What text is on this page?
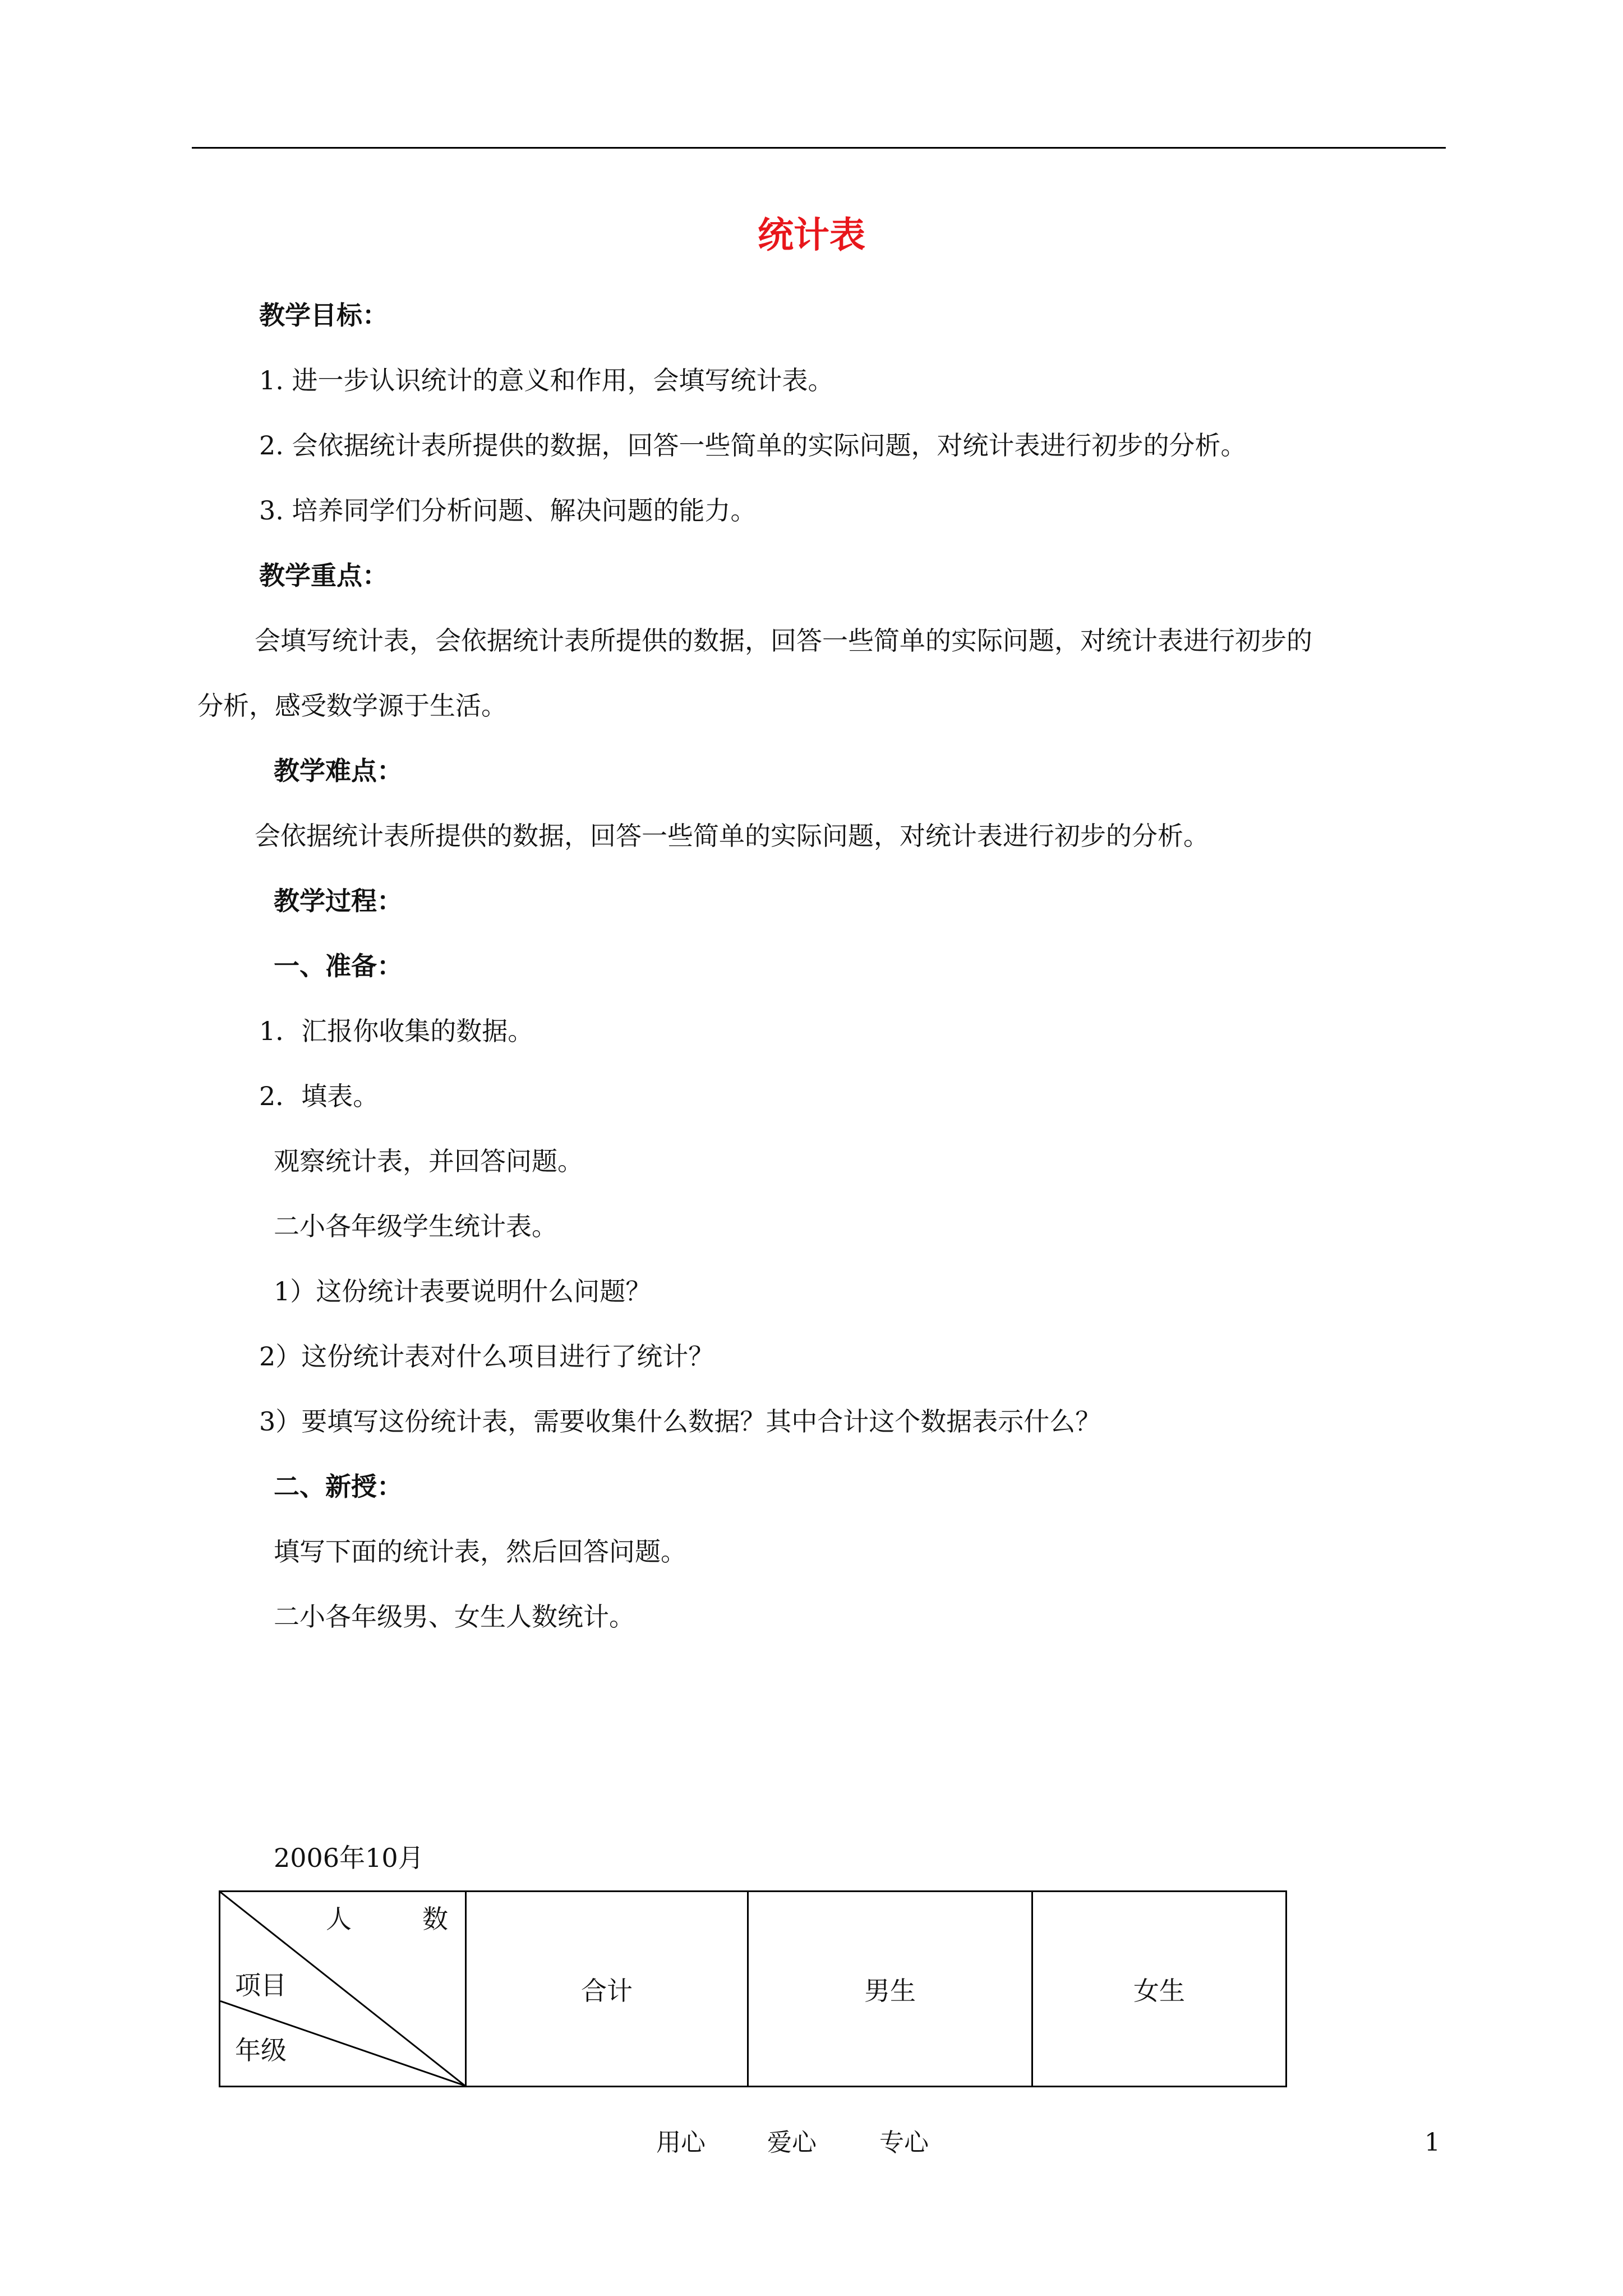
统计表
教学目标：
1. 进一步认识统计的意义和作用，会填写统计表。
2. 会依据统计表所提供的数据，回答一些简单的实际问题，对统计表进行初步的分析。
3. 培养同学们分析问题、解决问题的能力。
教学重点：
会填写统计表，会依据统计表所提供的数据，回答一些简单的实际问题，对统计表进行初步的
分析，感受数学源于生活。
教学难点：
会依据统计表所提供的数据，回答一些简单的实际问题，对统计表进行初步的分析。
教学过程：
一、准备：
1．汇报你收集的数据。
2．填表。
观察统计表，并回答问题。
二小各年级学生统计表。
1）这份统计表要说明什么问题？
2）这份统计表对什么项目进行了统计？
3）要填写这份统计表，需要收集什么数据？其中合计这个数据表示什么？
二、新授：
填写下面的统计表，然后回答问题。
二小各年级男、女生人数统计。
2006年10月
人	数
项目
年级
	合计	男生	女生
用心	爱心	专心	1
